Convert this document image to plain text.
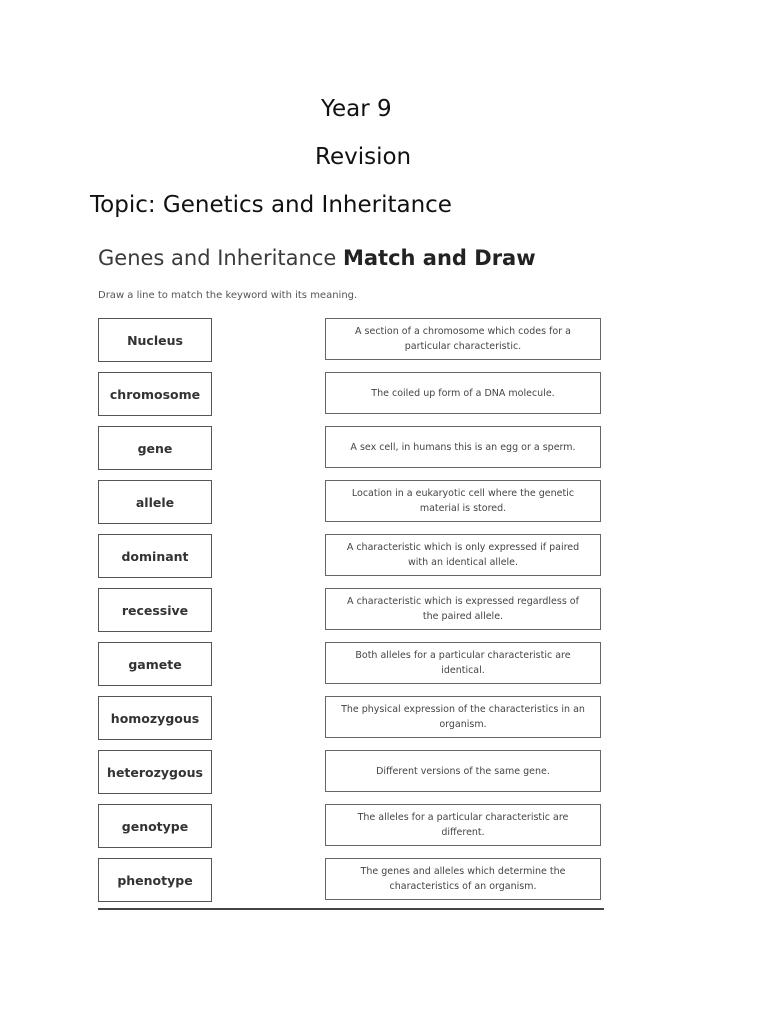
Year 9
Revision
Topic: Genetics and Inheritance
Genes and Inheritance Match and Draw
Draw a line to match the keyword with its meaning.
Nucleus
A section of a chromosome which codes for a particular characteristic.
chromosome	The coiled up form of a DNA molecule.
gene	A sex cell, in humans this is an egg or a sperm.
allele
Location in a eukaryotic cell where the genetic material is stored.
dominant
A characteristic which is only expressed if paired with an identical allele.
recessive
A characteristic which is expressed regardless of the paired allele.
gamete
Both alleles for a particular characteristic are identical.
homozygous
The physical expression of the characteristics in an organism.
heterozygous	Different versions of the same gene.
genotype
The alleles for a particular characteristic are different.
phenotype
The genes and alleles which determine the characteristics of an organism.
